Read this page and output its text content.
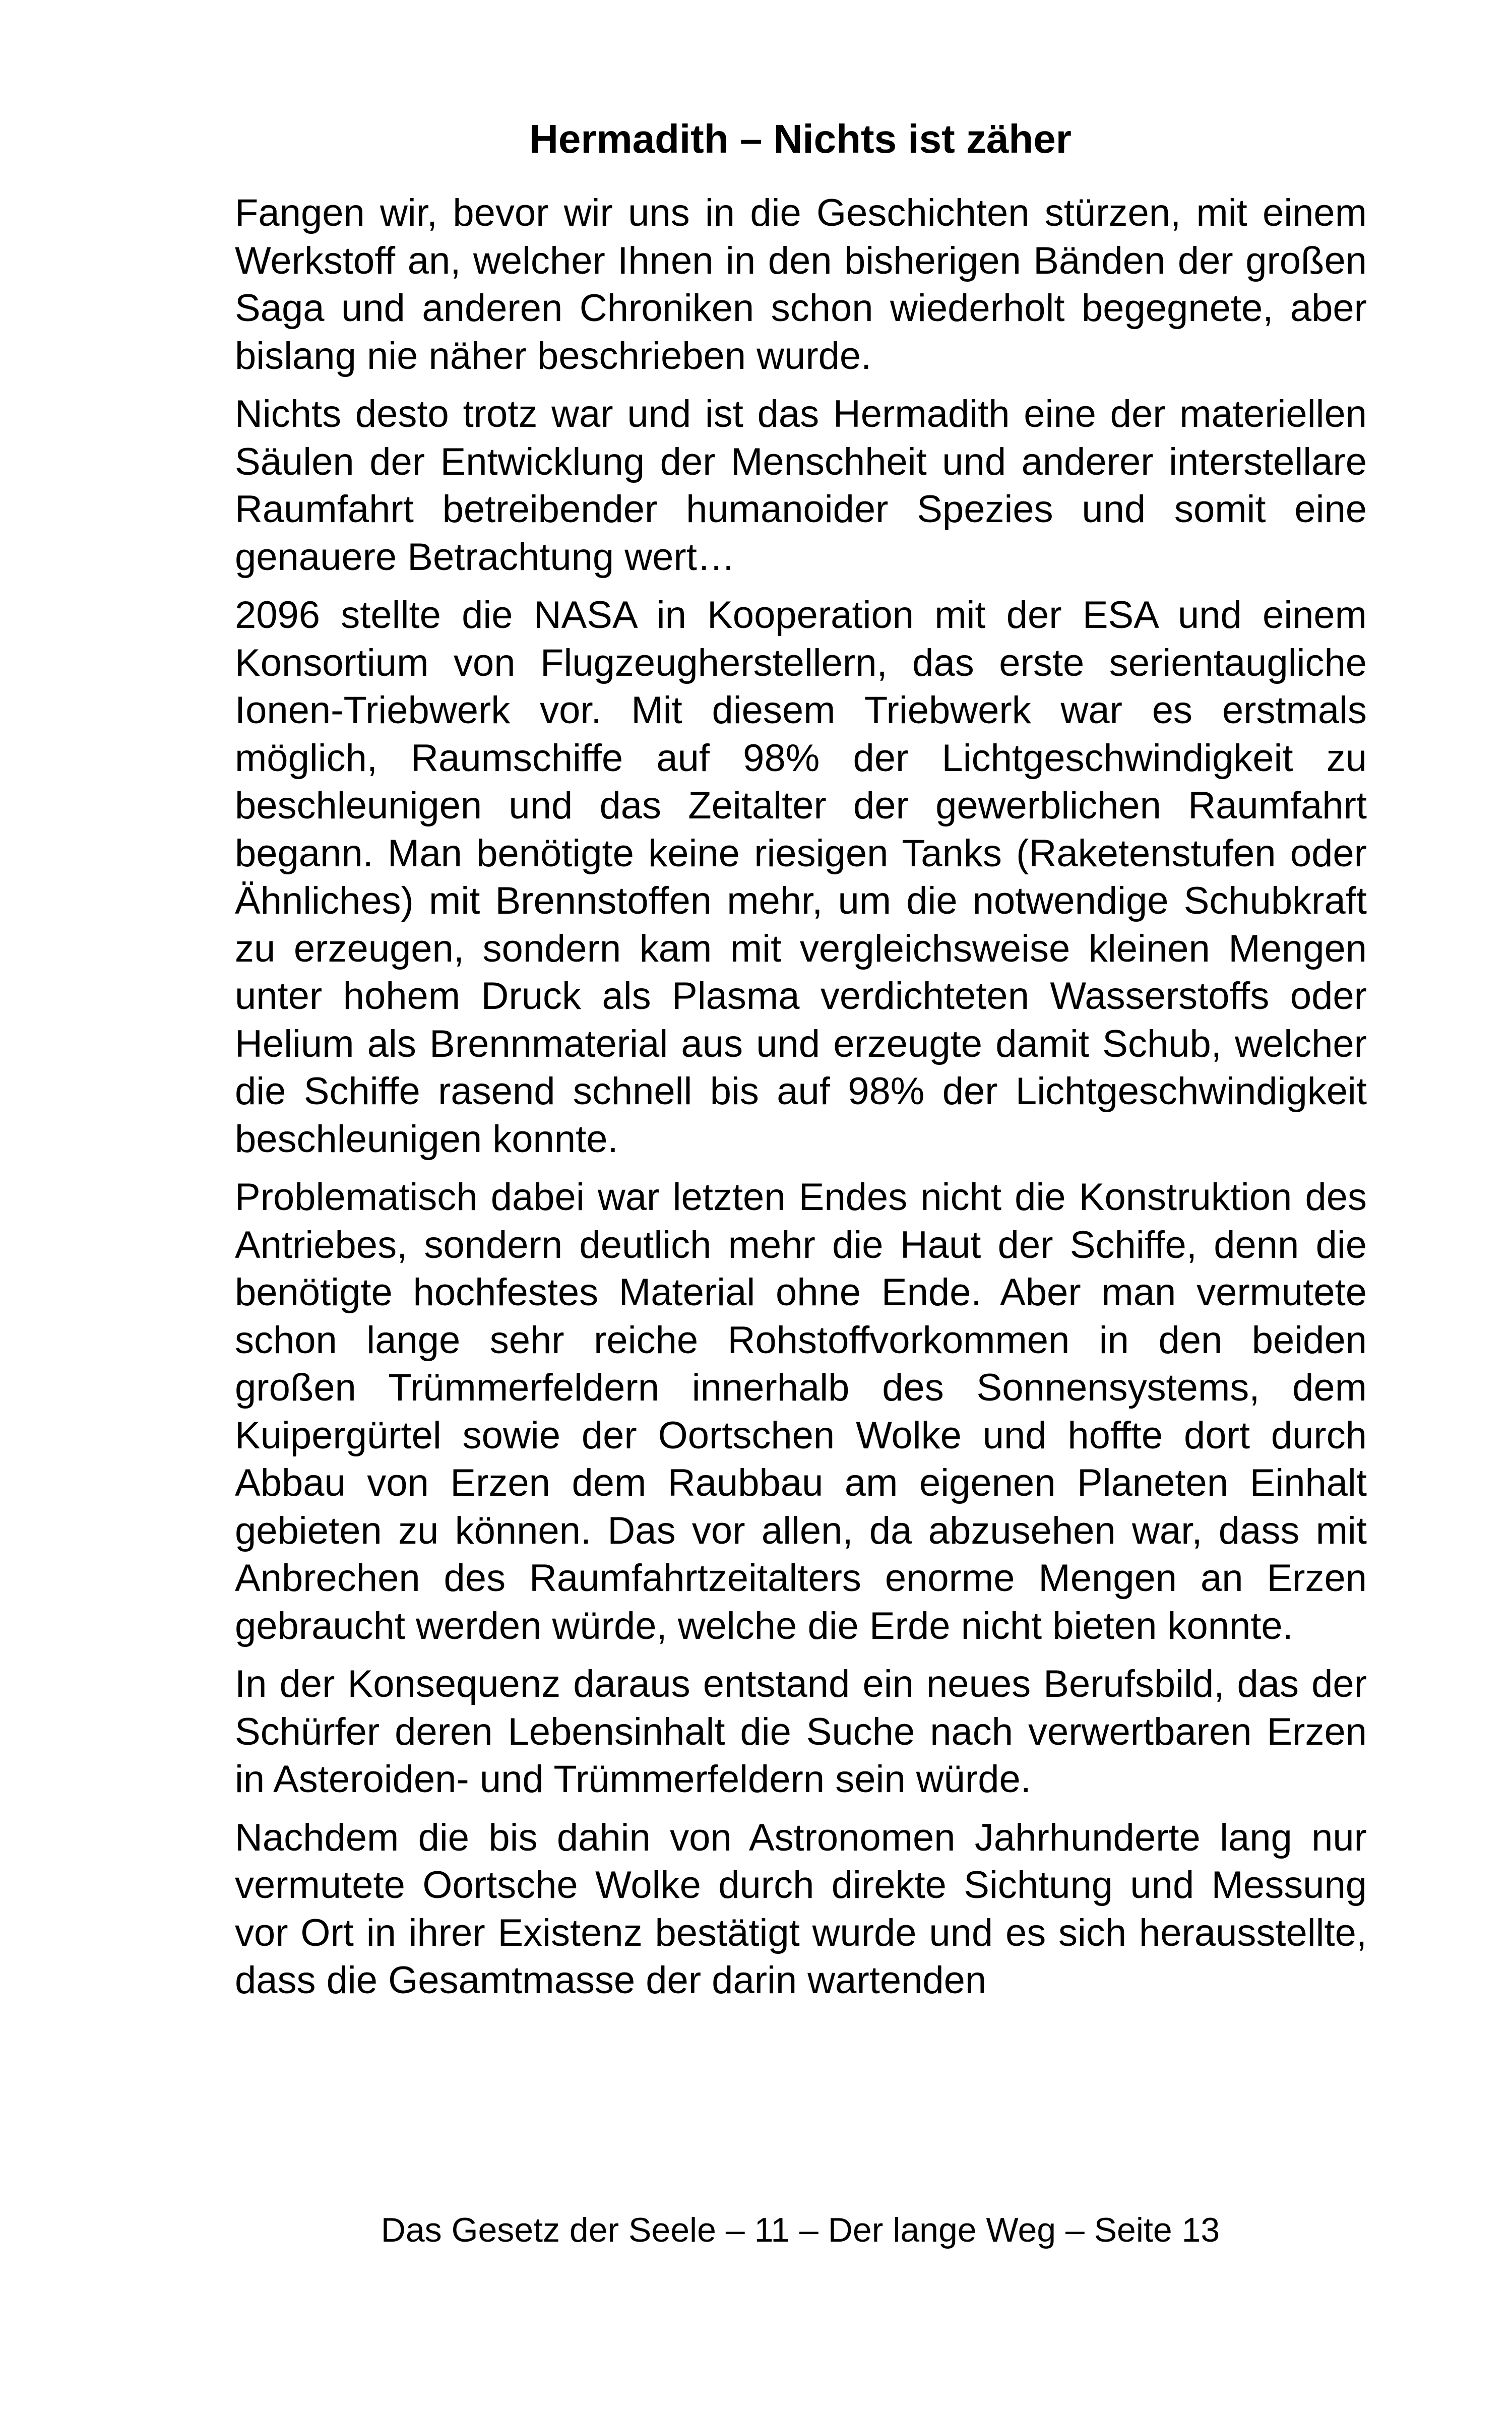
Hermadith – Nichts ist zäher

Fangen wir, bevor wir uns in die Geschichten stürzen, mit einem Werkstoff an, welcher Ihnen in den bisherigen Bänden der großen Saga und anderen Chroniken schon wiederholt begegnete, aber bislang nie näher beschrieben wurde.

Nichts desto trotz war und ist das Hermadith eine der materiellen Säulen der Entwicklung der Menschheit und anderer interstellare Raumfahrt betreibender humanoider Spezies und somit eine genauere Betrachtung wert…

2096 stellte die NASA in Kooperation mit der ESA und einem Konsortium von Flugzeugherstellern, das erste serientaugliche Ionen-Triebwerk vor. Mit diesem Triebwerk war es erstmals möglich, Raumschiffe auf 98% der Lichtgeschwindigkeit zu beschleunigen und das Zeitalter der gewerblichen Raumfahrt begann. Man benötigte keine riesigen Tanks (Raketenstufen oder Ähnliches) mit Brennstoffen mehr, um die notwendige Schubkraft zu erzeugen, sondern kam mit vergleichsweise kleinen Mengen unter hohem Druck als Plasma verdichteten Wasserstoffs oder Helium als Brennmaterial aus und erzeugte damit Schub, welcher die Schiffe rasend schnell bis auf 98% der Lichtgeschwindigkeit beschleunigen konnte.

Problematisch dabei war letzten Endes nicht die Konstruktion des Antriebes, sondern deutlich mehr die Haut der Schiffe, denn die benötigte hochfestes Material ohne Ende. Aber man vermutete schon lange sehr reiche Rohstoffvorkommen in den beiden großen Trümmerfeldern innerhalb des Sonnensystems, dem Kuipergürtel sowie der Oortschen Wolke und hoffte dort durch Abbau von Erzen dem Raubbau am eigenen Planeten Einhalt gebieten zu können. Das vor allen, da abzusehen war, dass mit Anbrechen des Raumfahrtzeitalters enorme Mengen an Erzen gebraucht werden würde, welche die Erde nicht bieten konnte.

In der Konsequenz daraus entstand ein neues Berufsbild, das der Schürfer deren Lebensinhalt die Suche nach verwertbaren Erzen in Asteroiden- und Trümmerfeldern sein würde.

Nachdem die bis dahin von Astronomen Jahrhunderte lang nur vermutete Oortsche Wolke durch direkte Sichtung und Messung vor Ort in ihrer Existenz bestätigt wurde und es sich herausstellte, dass die Gesamtmasse der darin wartenden

Das Gesetz der Seele – 11 – Der lange Weg – Seite 13
